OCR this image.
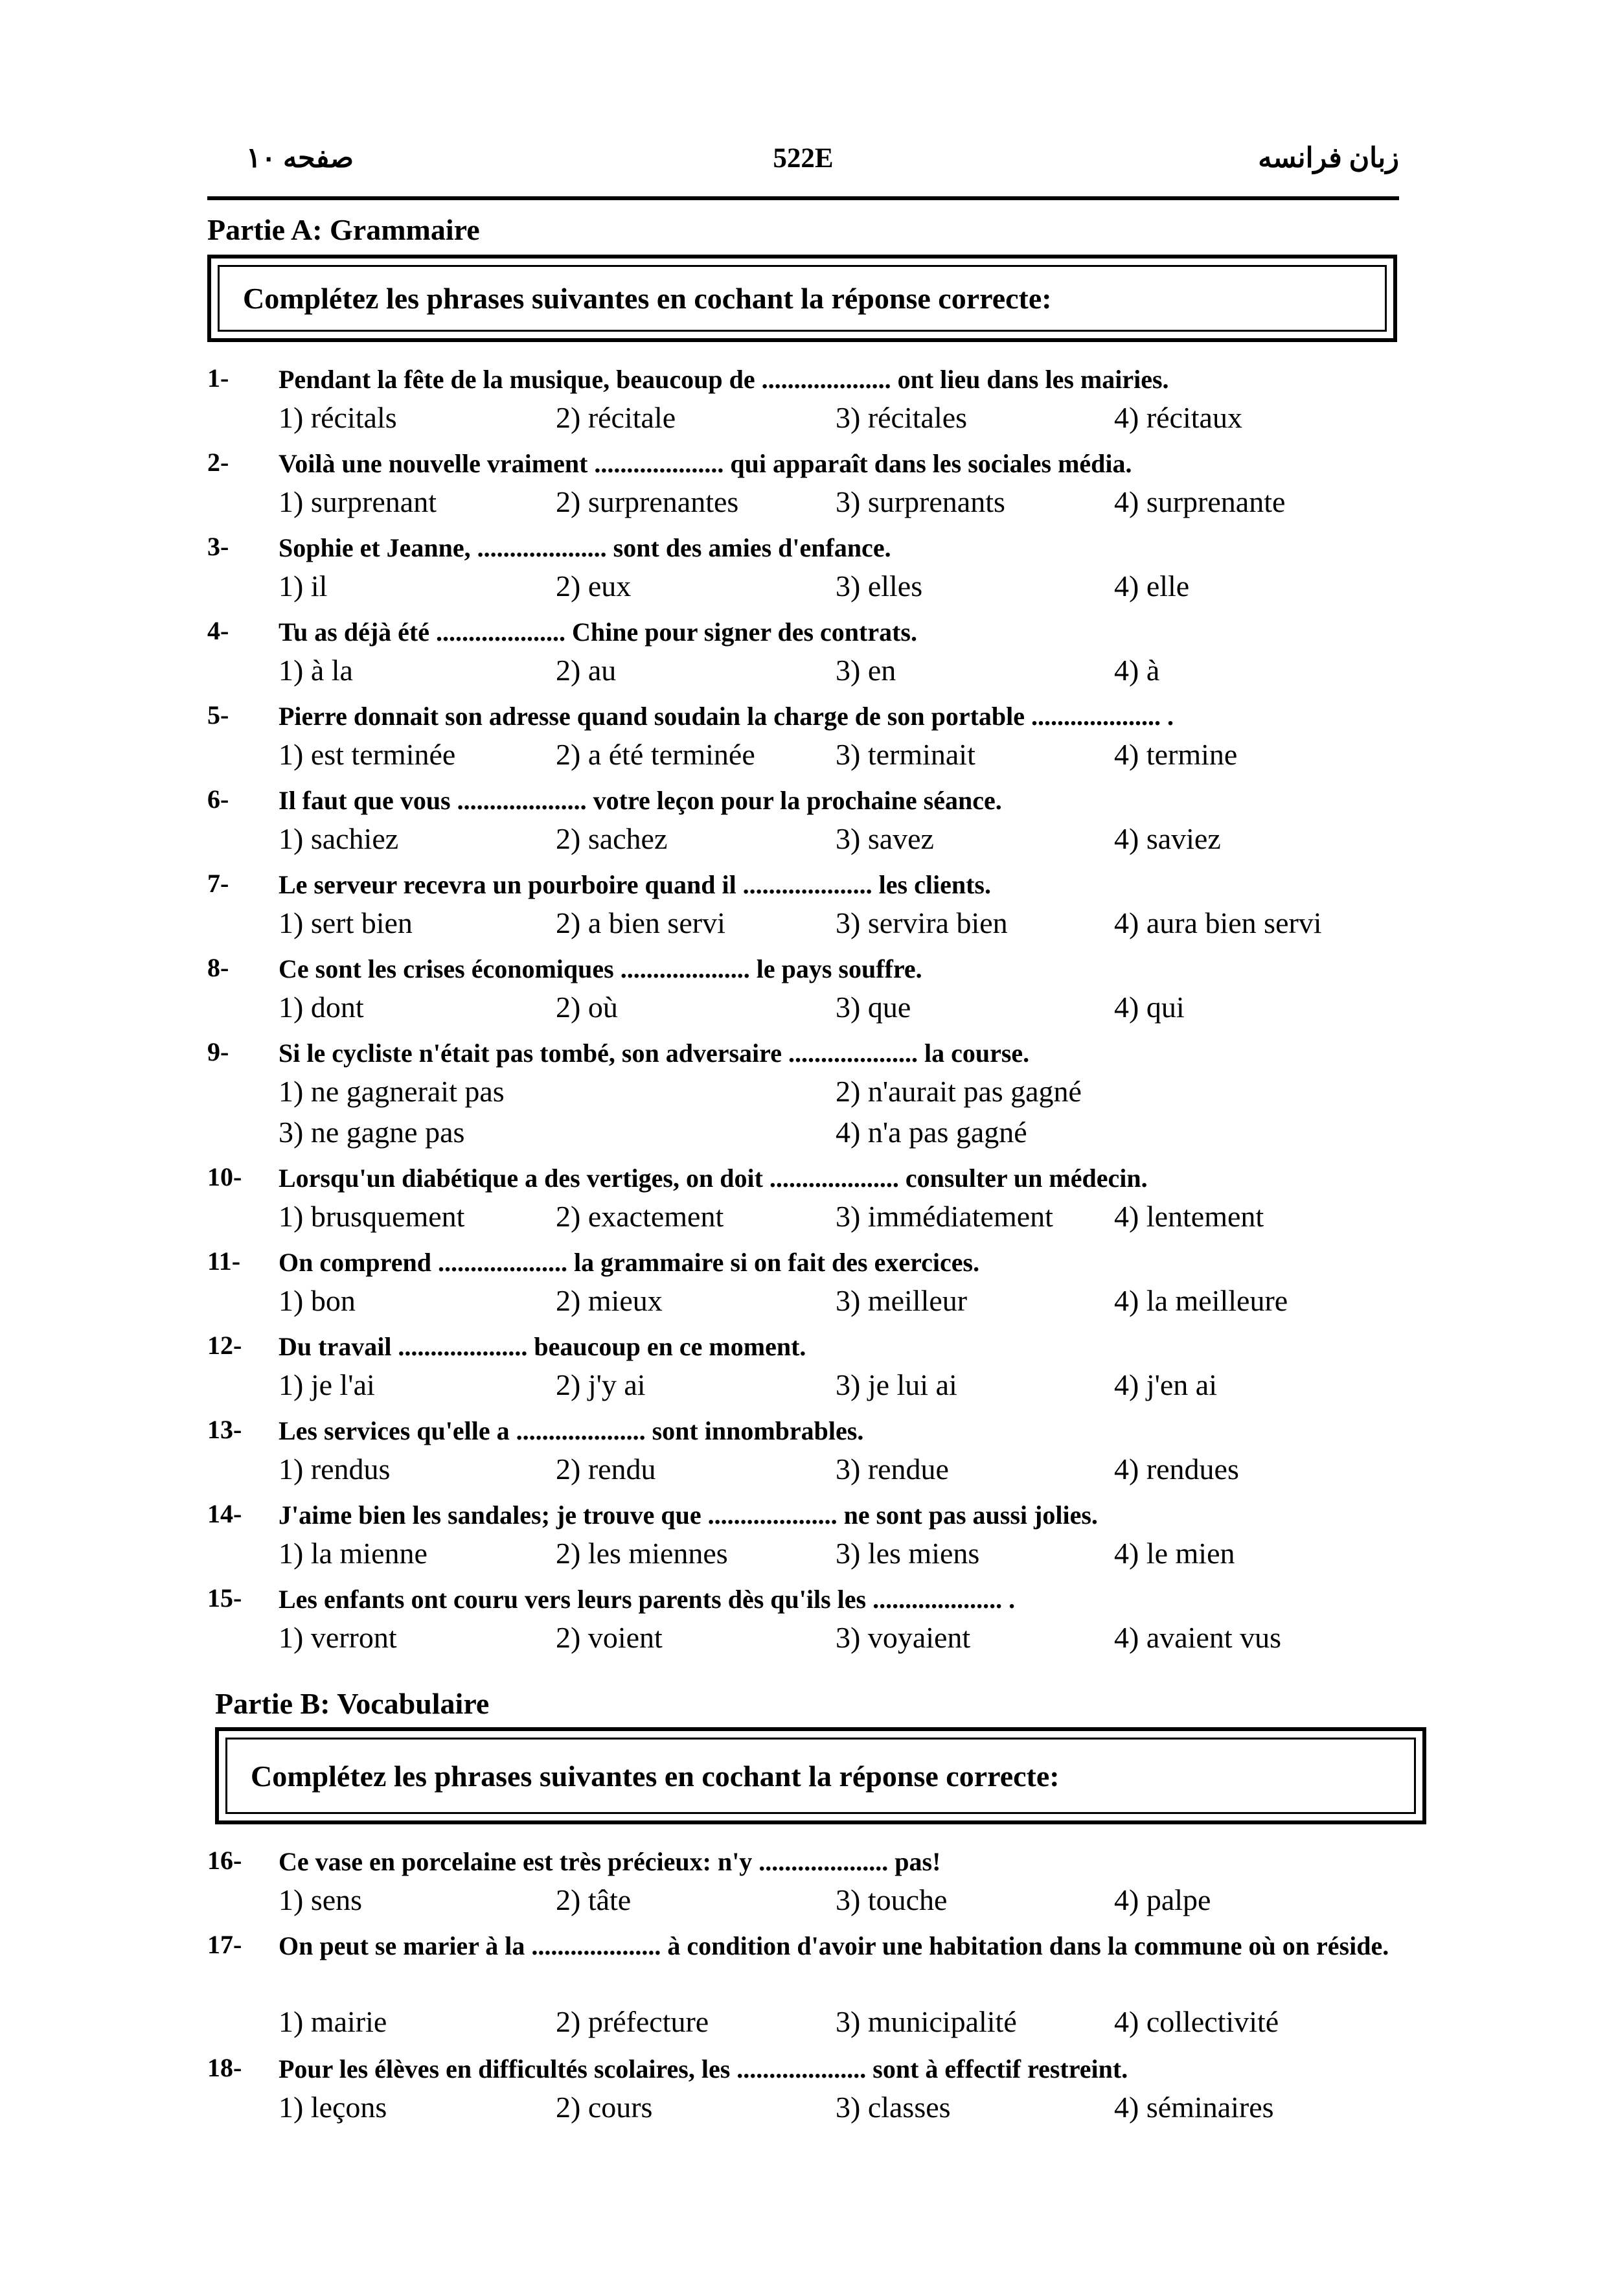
صفحه ۱۰	522E	زبان فرانسه
Partie A: Grammaire
Complétez les phrases suivantes en cochant la réponse correcte:
Partie B: Vocabulaire
Complétez les phrases suivantes en cochant la réponse correcte:
1- Pendant la fête de la musique, beaucoup de .................... ont lieu dans les mairies.
1) récitals	2) récitale	3) récitales	4) récitaux
2- Voilà une nouvelle vraiment .................... qui apparaît dans les sociales média.
1) surprenant	2) surprenantes	3) surprenants	4) surprenante
3- Sophie et Jeanne, .................... sont des amies d'enfance.
1) il	2) eux	3) elles	4) elle
4- Tu as déjà été .................... Chine pour signer des contrats.
1) à la	2) au	3) en	4) à
5- Pierre donnait son adresse quand soudain la charge de son portable .................... .
1) est terminée	2) a été terminée	3) terminait	4) termine
6- Il faut que vous .................... votre leçon pour la prochaine séance.
1) sachiez	2) sachez	3) savez	4) saviez
7- Le serveur recevra un pourboire quand il .................... les clients.
1) sert bien	2) a bien servi	3) servira bien	4) aura bien servi
8- Ce sont les crises économiques .................... le pays souffre.
1) dont	2) où	3) que	4) qui
9- Si le cycliste n'était pas tombé, son adversaire .................... la course.
1) ne gagnerait pas	2) n'aurait pas gagné
3) ne gagne pas	4) n'a pas gagné
10- Lorsqu'un diabétique a des vertiges, on doit .................... consulter un médecin.
1) brusquement	2) exactement	3) immédiatement 4) lentement
11- On comprend .................... la grammaire si on fait des exercices.
1) bon	2) mieux	3) meilleur	4) la meilleure
12- Du travail .................... beaucoup en ce moment.
1) je l'ai	2) j'y ai	3) je lui ai	4) j'en ai
13- Les services qu'elle a .................... sont innombrables.
1) rendus	2) rendu	3) rendue	4) rendues
14- J'aime bien les sandales; je trouve que .................... ne sont pas aussi jolies.
1) la mienne	2) les miennes	3) les miens	4) le mien
15- Les enfants ont couru vers leurs parents dès qu'ils les .................... .
1) verront	2) voient	3) voyaient	4) avaient vus
16- Ce vase en porcelaine est très précieux: n'y .................... pas!
1) sens	2) tâte	3) touche	4) palpe
17- On peut se marier à la .................... à condition d'avoir une habitation dans la commune où on réside.
1) mairie	2) préfecture	3) municipalité	4) collectivité
18- Pour les élèves en difficultés scolaires, les .................... sont à effectif restreint.
1) leçons	2) cours	3) classes	4) séminaires
